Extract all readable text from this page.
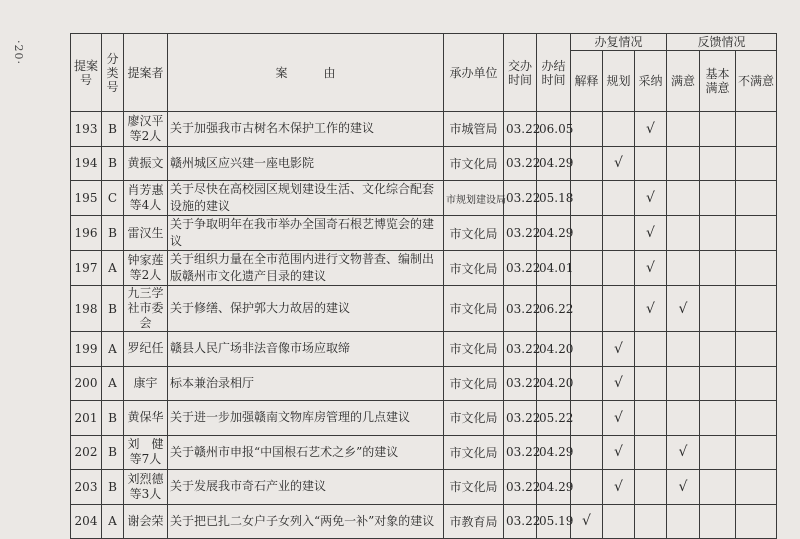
·20·
提案号	分类号	提案者	案　　　由	承办单位	交办时间	办结时间	办复情况			反馈情况		
							解释	规划	采纳	满意	基本满意	不满意
193	B	廖汉平等2人	关于加强我市古树名木保护工作的建议	市城管局	03.22	06.05			√			
194	B	黄振文	赣州城区应兴建一座电影院	市文化局	03.22	04.29		√				
195	C	肖芳惠等4人	关于尽快在高校园区规划建设生活、文化综合配套设施的建议	市规划建设局	03.22	05.18			√			
196	B	雷汉生	关于争取明年在我市举办全国奇石根艺博览会的建议	市文化局	03.22	04.29			√			
197	A	钟家莲等2人	关于组织力量在全市范围内进行文物普查、编制出版赣州市文化遗产目录的建议	市文化局	03.22	04.01			√			
198	B	九三学社市委会	关于修缮、保护郭大力故居的建议	市文化局	03.22	06.22			√	√		
199	A	罗纪任	赣县人民广场非法音像市场应取缔	市文化局	03.22	04.20		√				
200	A	康宇	标本兼治录相厅	市文化局	03.22	04.20		√				
201	B	黄保华	关于进一步加强赣南文物库房管理的几点建议	市文化局	03.22	05.22		√				
202	B	刘　健等7人	关于赣州市申报“中国根石艺术之乡”的建议	市文化局	03.22	04.29		√		√		
203	B	刘烈德等3人	关于发展我市奇石产业的建议	市文化局	03.22	04.29		√		√		
204	A	谢会荣	关于把已扎二女户子女列入“两免一补”对象的建议	市教育局	03.22	05.19	√					
